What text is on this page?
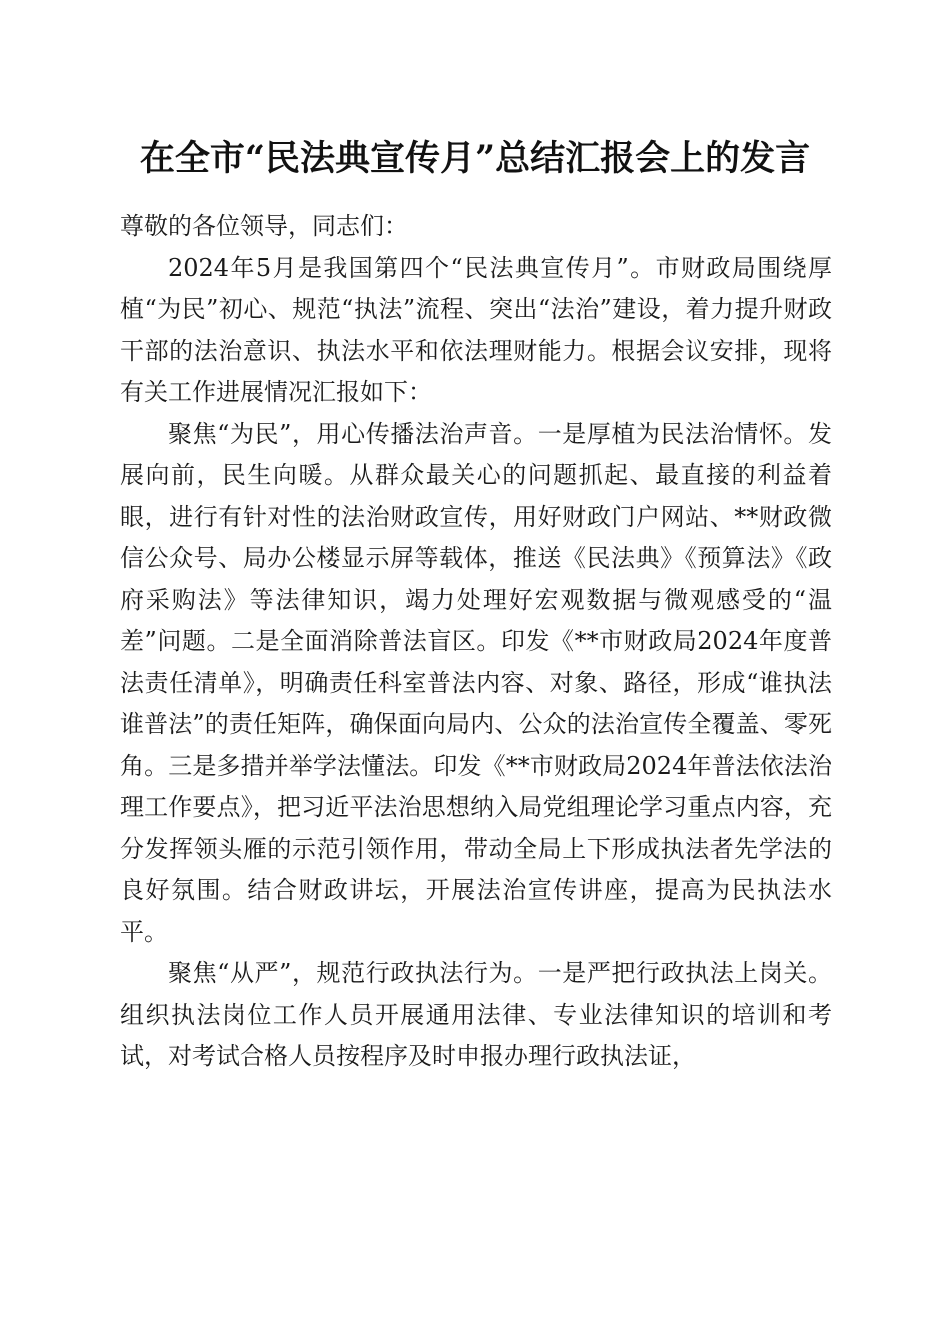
在全市“民法典宣传月”总结汇报会上的发言

尊敬的各位领导，同志们：

2024年5月是我国第四个“民法典宣传月”。市财政局围绕厚植“为民”初心、规范“执法”流程、突出“法治”建设，着力提升财政干部的法治意识、执法水平和依法理财能力。根据会议安排，现将有关工作进展情况汇报如下：

聚焦“为民”，用心传播法治声音。一是厚植为民法治情怀。发展向前，民生向暖。从群众最关心的问题抓起、最直接的利益着眼，进行有针对性的法治财政宣传，用好财政门户网站、**财政微信公众号、局办公楼显示屏等载体，推送《民法典》《预算法》《政府采购法》等法律知识，竭力处理好宏观数据与微观感受的“温差”问题。二是全面消除普法盲区。印发《**市财政局2024年度普法责任清单》，明确责任科室普法内容、对象、路径，形成“谁执法谁普法”的责任矩阵，确保面向局内、公众的法治宣传全覆盖、零死角。三是多措并举学法懂法。印发《**市财政局2024年普法依法治理工作要点》，把习近平法治思想纳入局党组理论学习重点内容，充分发挥领头雁的示范引领作用，带动全局上下形成执法者先学法的良好氛围。结合财政讲坛，开展法治宣传讲座，提高为民执法水平。

聚焦“从严”，规范行政执法行为。一是严把行政执法上岗关。组织执法岗位工作人员开展通用法律、专业法律知识的培训和考试，对考试合格人员按程序及时申报办理行政执法证，
